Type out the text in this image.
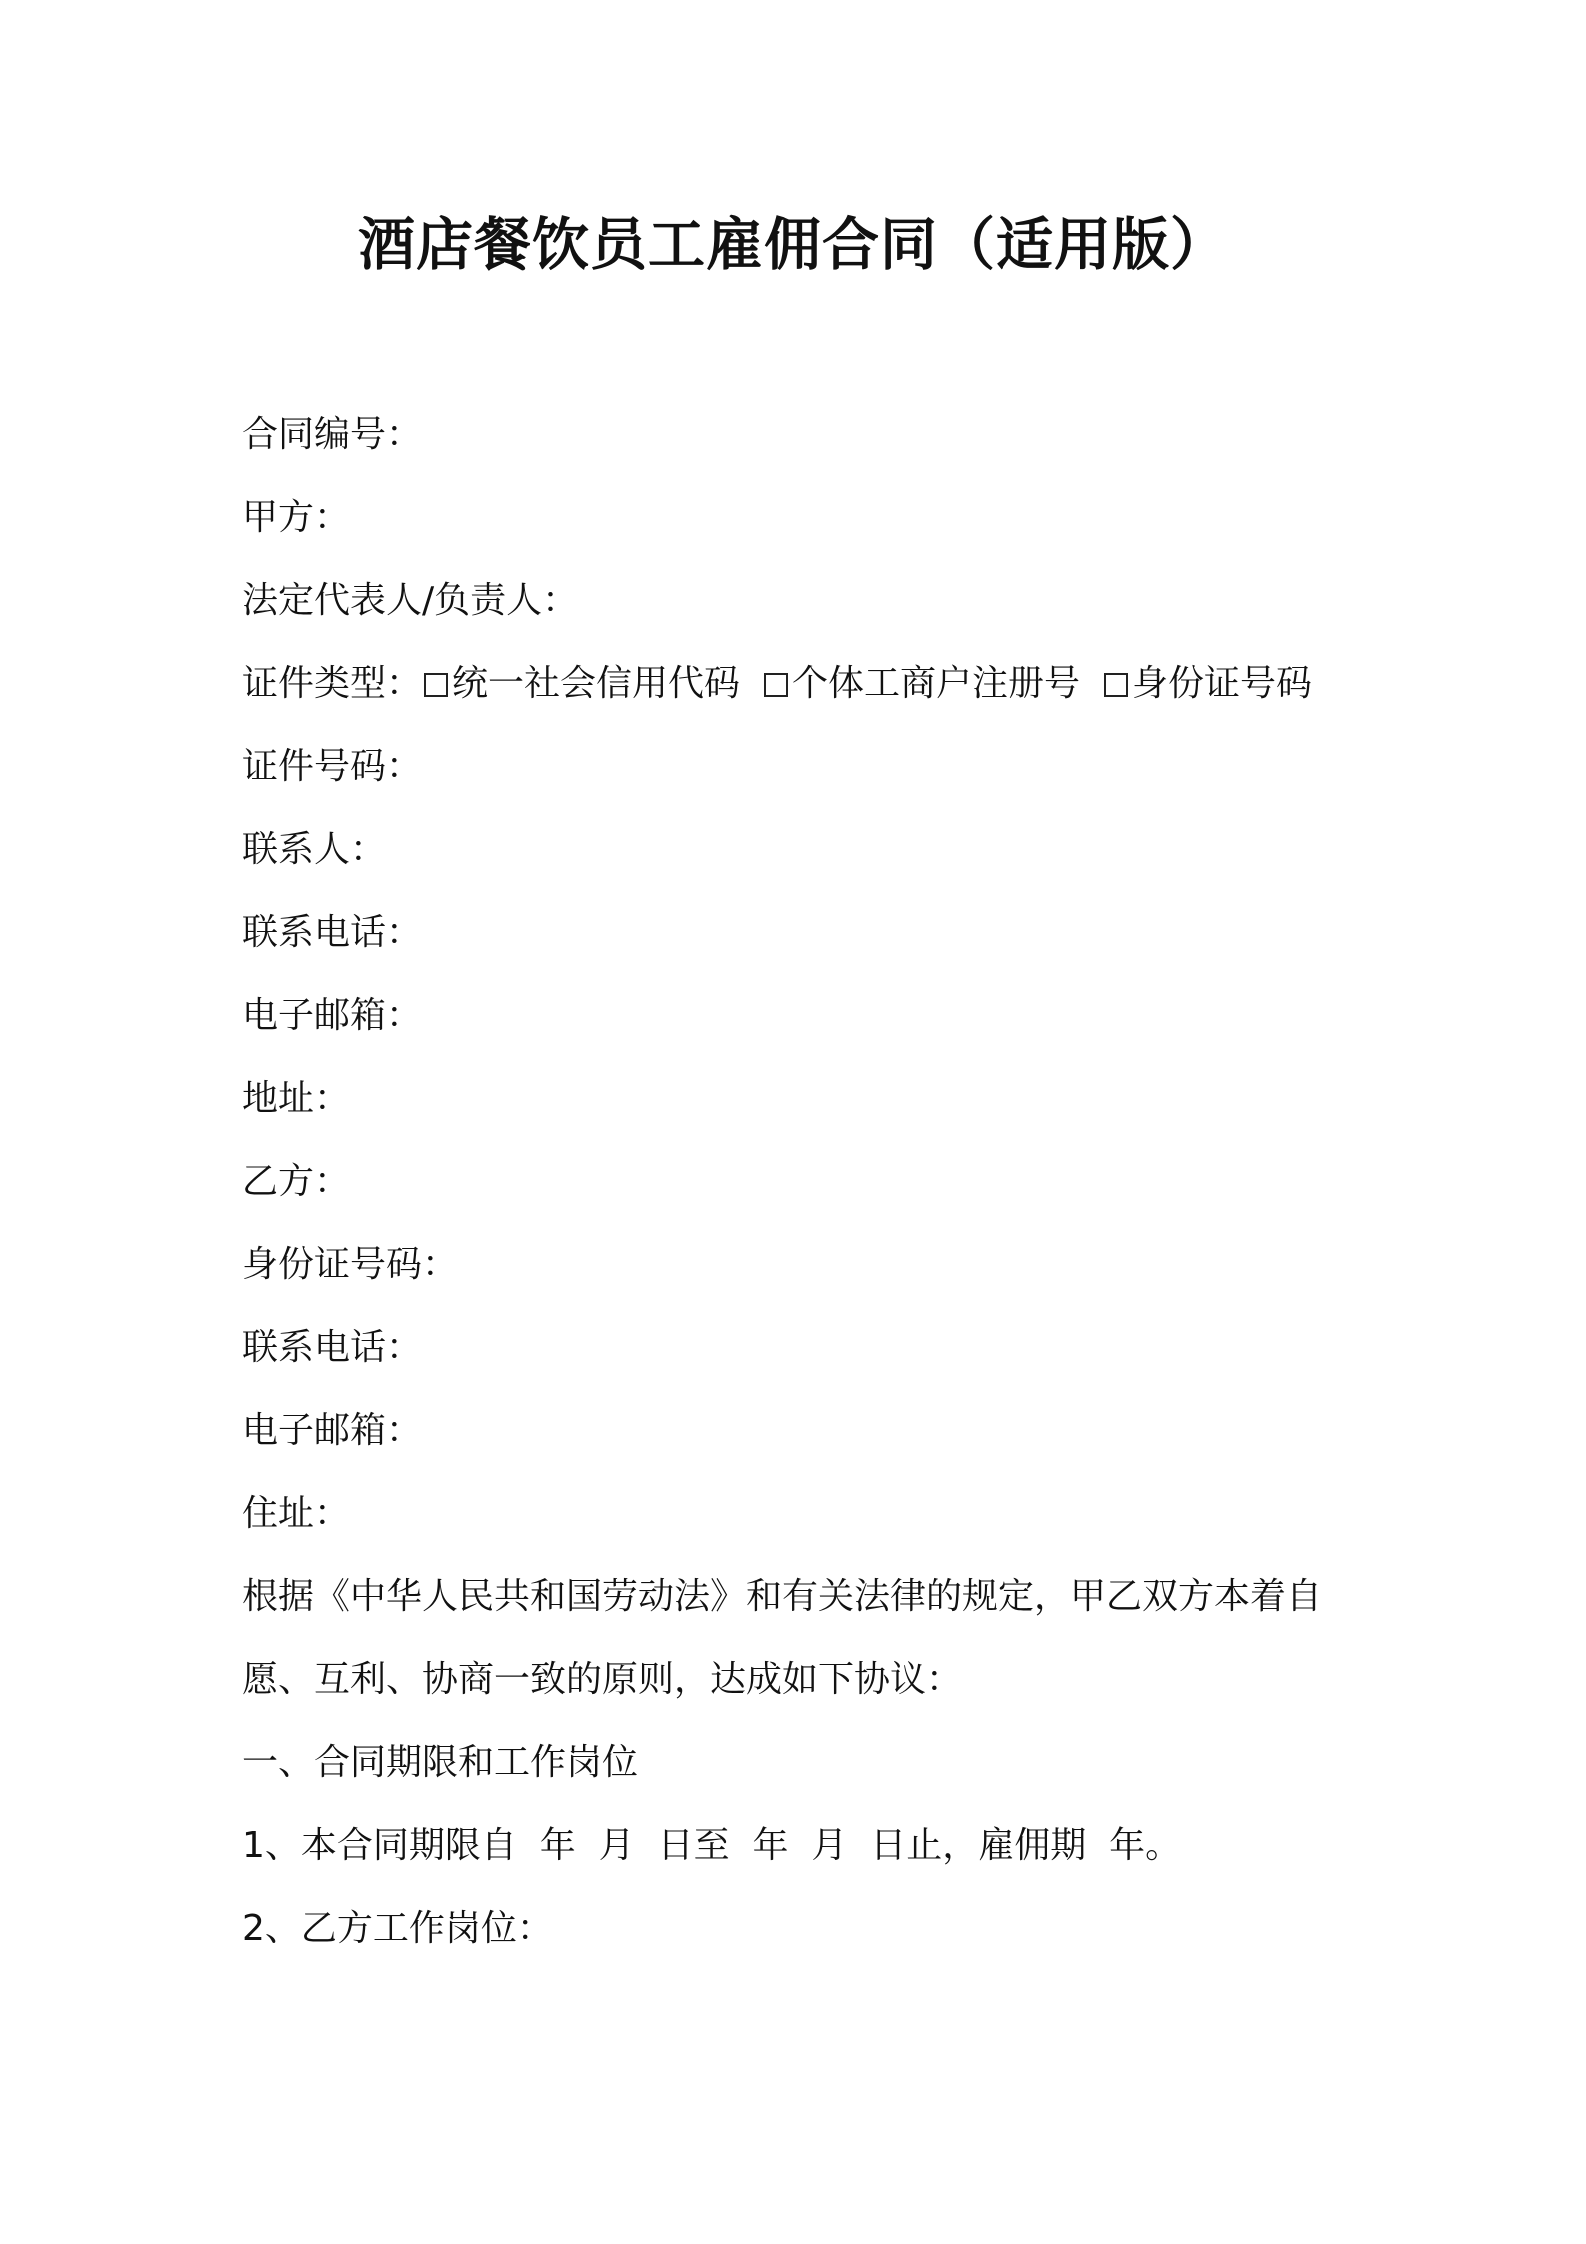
酒店餐饮员工雇佣合同（适用版）
合同编号：
甲方：
法定代表人/负责人：
证件类型： 统一社会信用代码 个体工商户注册号 身份证号码
证件号码：
联系人：
联系电话：
电子邮箱：
地址：
乙方：
身份证号码：
联系电话：
电子邮箱：
住址：
根据《中华人民共和国劳动法》和有关法律的规定，甲乙双方本着自
愿、互利、协商一致的原则，达成如下协议：
一、合同期限和工作岗位
1、本合同期限自  年  月  日至  年  月  日止，雇佣期  年。
2、乙方工作岗位：
